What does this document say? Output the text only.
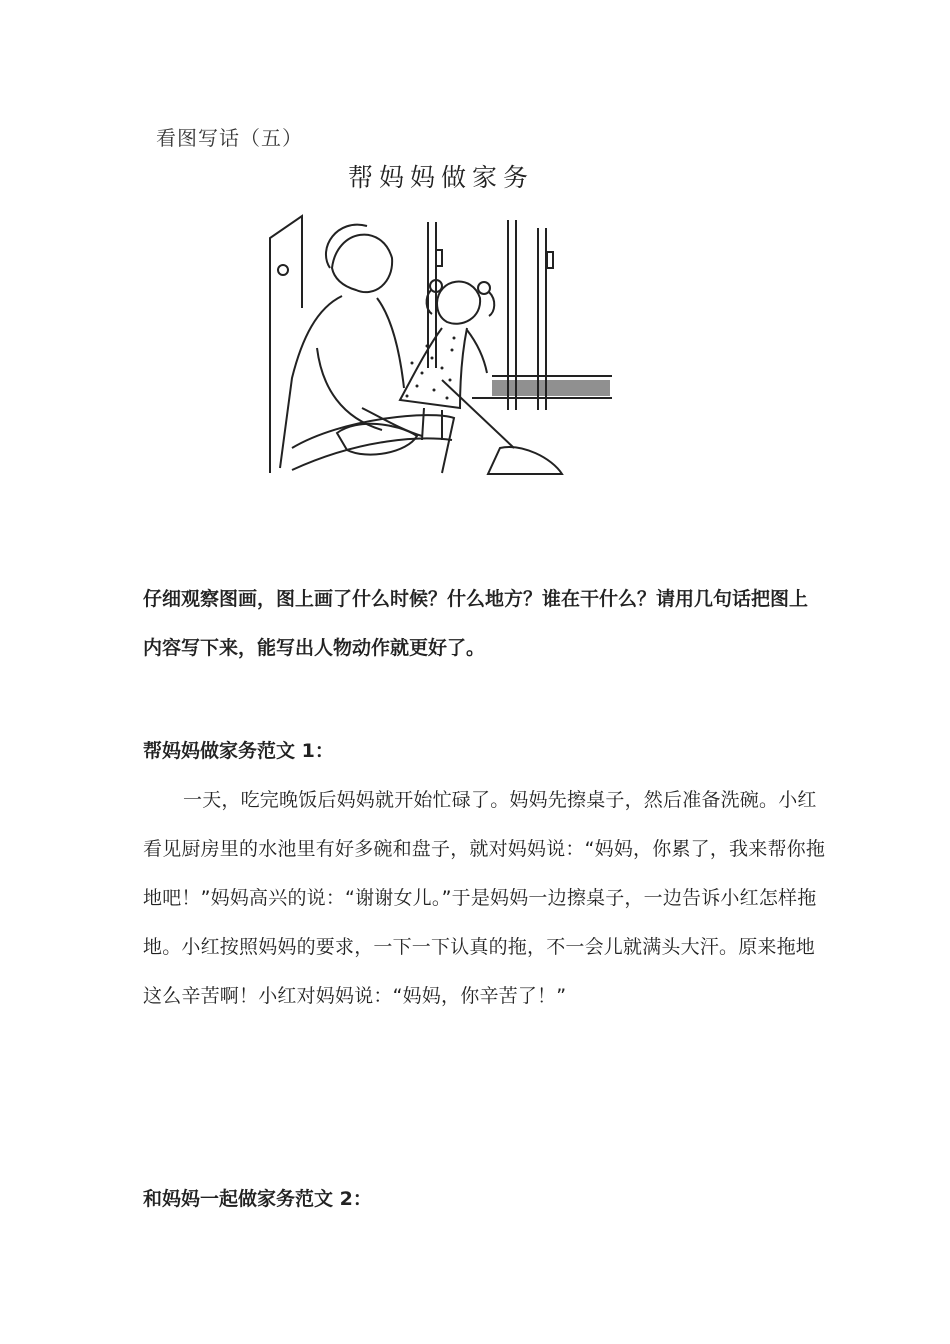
看图写话（五）
帮妈妈做家务

仔细观察图画，图上画了什么时候？什么地方？谁在干什么？请用几句话把图上内容写下来，能写出人物动作就更好了。

帮妈妈做家务范文 1：

一天，吃完晚饭后妈妈就开始忙碌了。妈妈先擦桌子，然后准备洗碗。小红看见厨房里的水池里有好多碗和盘子，就对妈妈说：“妈妈，你累了，我来帮你拖地吧！”妈妈高兴的说：“谢谢女儿。”于是妈妈一边擦桌子，一边告诉小红怎样拖地。小红按照妈妈的要求，一下一下认真的拖，不一会儿就满头大汗。原来拖地这么辛苦啊！小红对妈妈说：“妈妈，你辛苦了！”

和妈妈一起做家务范文 2：
